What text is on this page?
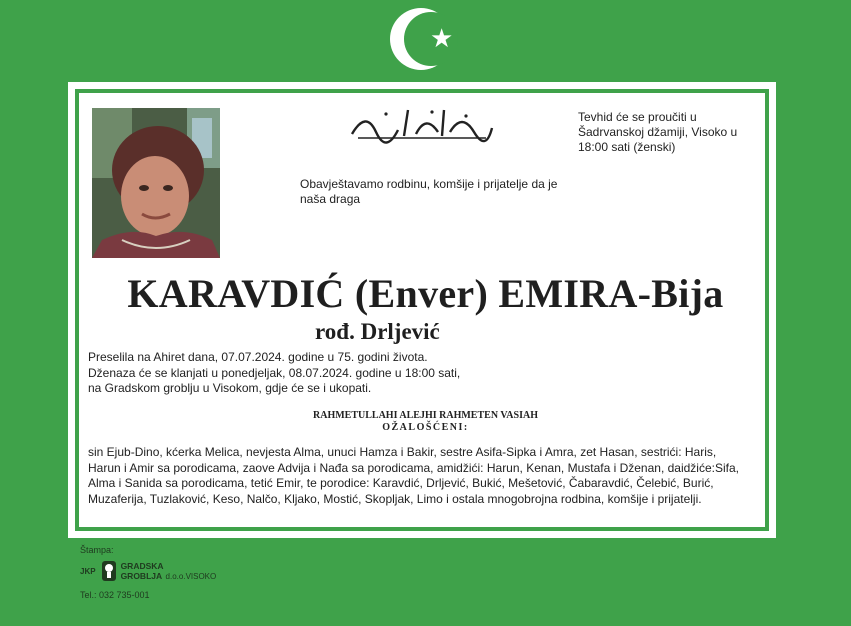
★
Tevhid će se proučiti u Šadrvanskoj džamiji, Visoko u 18:00 sati (ženski)
Obavještavamo rodbinu, komšije i prijatelje da je naša draga
KARAVDIĆ (Enver) EMIRA-Bija
rođ. Drljević
Preselila na Ahiret dana, 07.07.2024. godine u 75. godini života.
Dženaza će se klanjati u ponedjeljak, 08.07.2024. godine u 18:00 sati,
na Gradskom groblju u Visokom, gdje će se i ukopati.
RAHMETULLAHI ALEJHI RAHMETEN VASIAH
OŽALOŠĆENI:
sin Ejub-Dino, kćerka Melica, nevjesta Alma, unuci Hamza i Bakir, sestre Asifa-Sipka i Amra, zet Hasan, sestrići: Haris, Harun i Amir sa porodicama, zaove Advija i Nađa sa porodicama, amidžići: Harun, Kenan, Mustafa i Dženan, daidžiće:Sifa, Alma i Sanida sa porodicama, tetić Emir, te porodice: Karavdić, Drljević, Bukić, Mešetović, Čabaravdić, Čelebić, Burić, Muzaferija, Tuzlaković, Keso, Nalčo, Kljako, Mostić, Skopljak, Limo i ostala mnogobrojna rodbina, komšije i prijatelji.
Štampa:
JKP	GRADSKA
GROBLJA d.o.o.VISOKO
Tel.: 032 735-001
